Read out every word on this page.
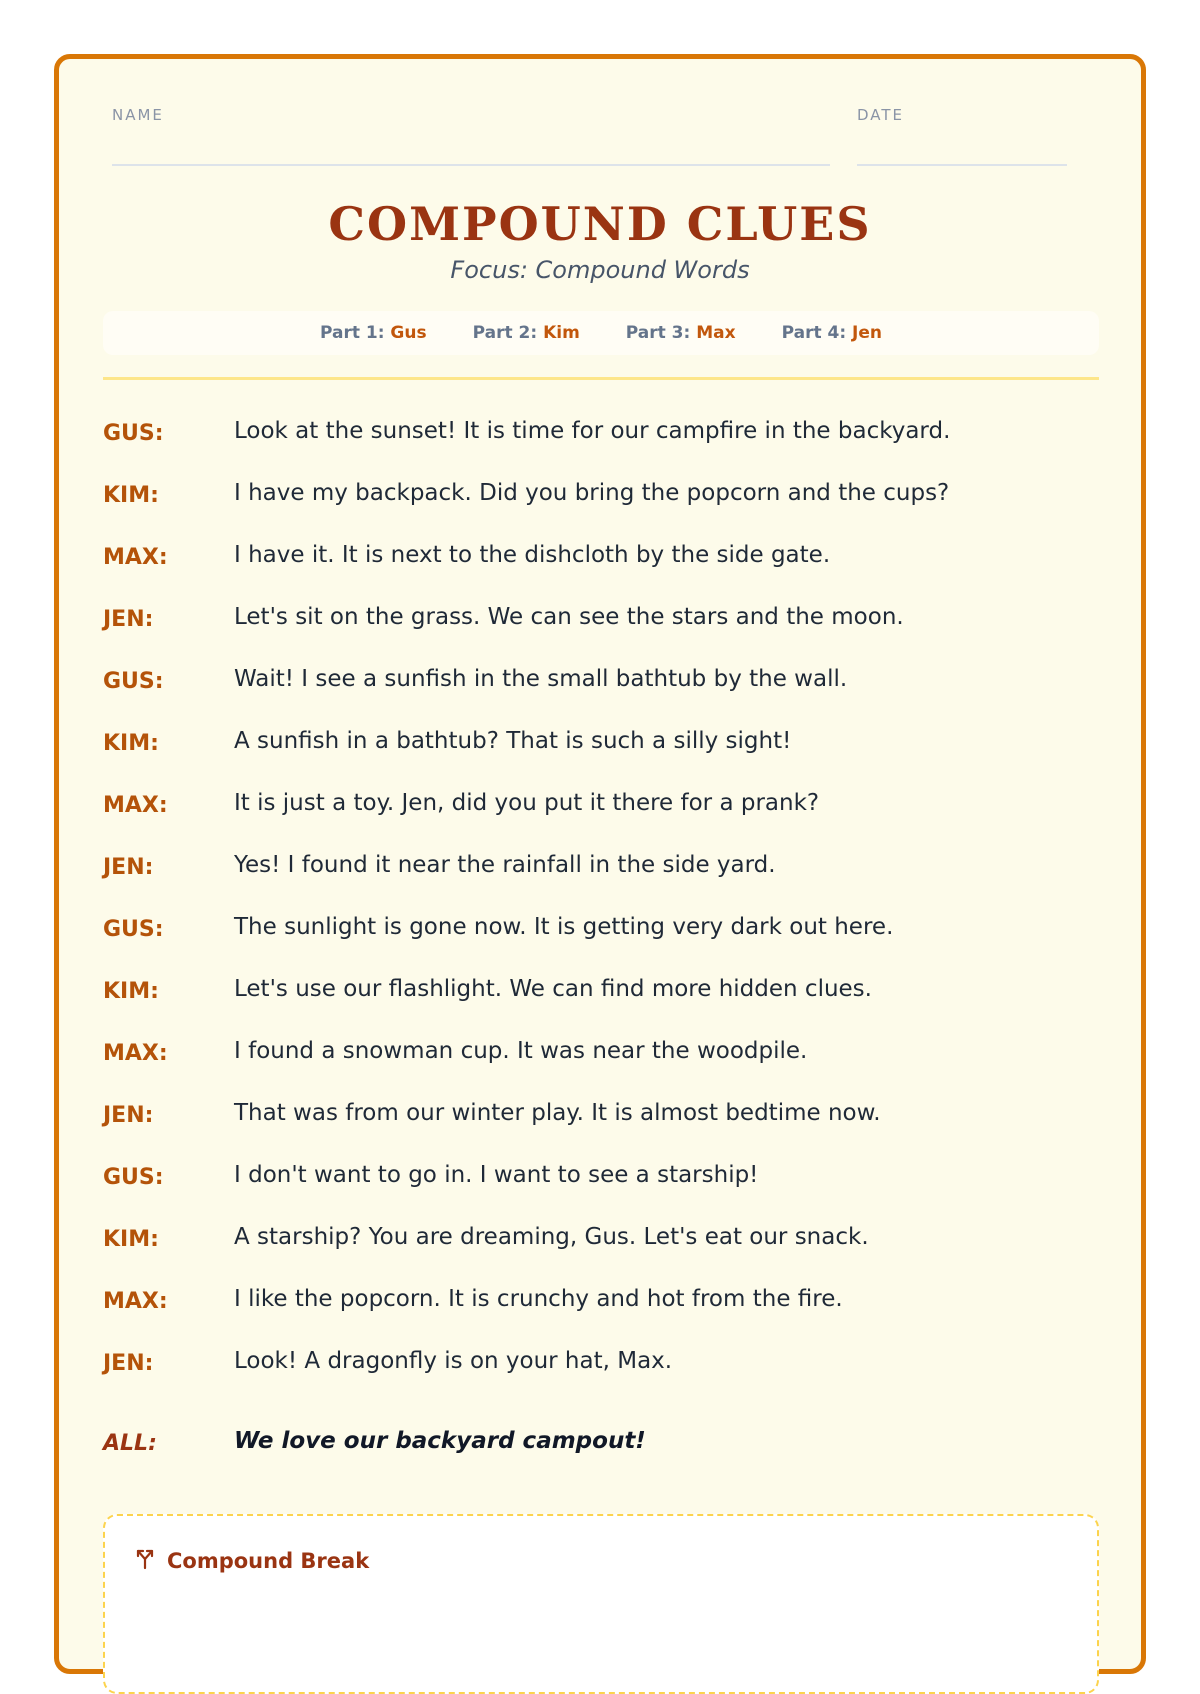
NAME	DATE
COMPOUND CLUES
Focus: Compound Words
Part 1: Gus	Part 2: Kim	Part 3: Max	Part 4: Jen
GUS:	Look at the sunset! It is time for our campfire in the backyard.
KIM:	I have my backpack. Did you bring the popcorn and the cups?
MAX:	I have it. It is next to the dishcloth by the side gate.
JEN:	Let's sit on the grass. We can see the stars and the moon.
GUS:	Wait! I see a sunfish in the small bathtub by the wall.
KIM:	A sunfish in a bathtub? That is such a silly sight!
MAX:	It is just a toy. Jen, did you put it there for a prank?
JEN:	Yes! I found it near the rainfall in the side yard.
GUS:	The sunlight is gone now. It is getting very dark out here.
KIM:	Let's use our flashlight. We can find more hidden clues.
MAX:	I found a snowman cup. It was near the woodpile.
JEN:	That was from our winter play. It is almost bedtime now.
GUS:	I don't want to go in. I want to see a starship!
KIM:	A starship? You are dreaming, Gus. Let's eat our snack.
MAX:	I like the popcorn. It is crunchy and hot from the fire.
JEN:	Look! A dragonfly is on your hat, Max.
ALL:	We love our backyard campout!
Compound Break
